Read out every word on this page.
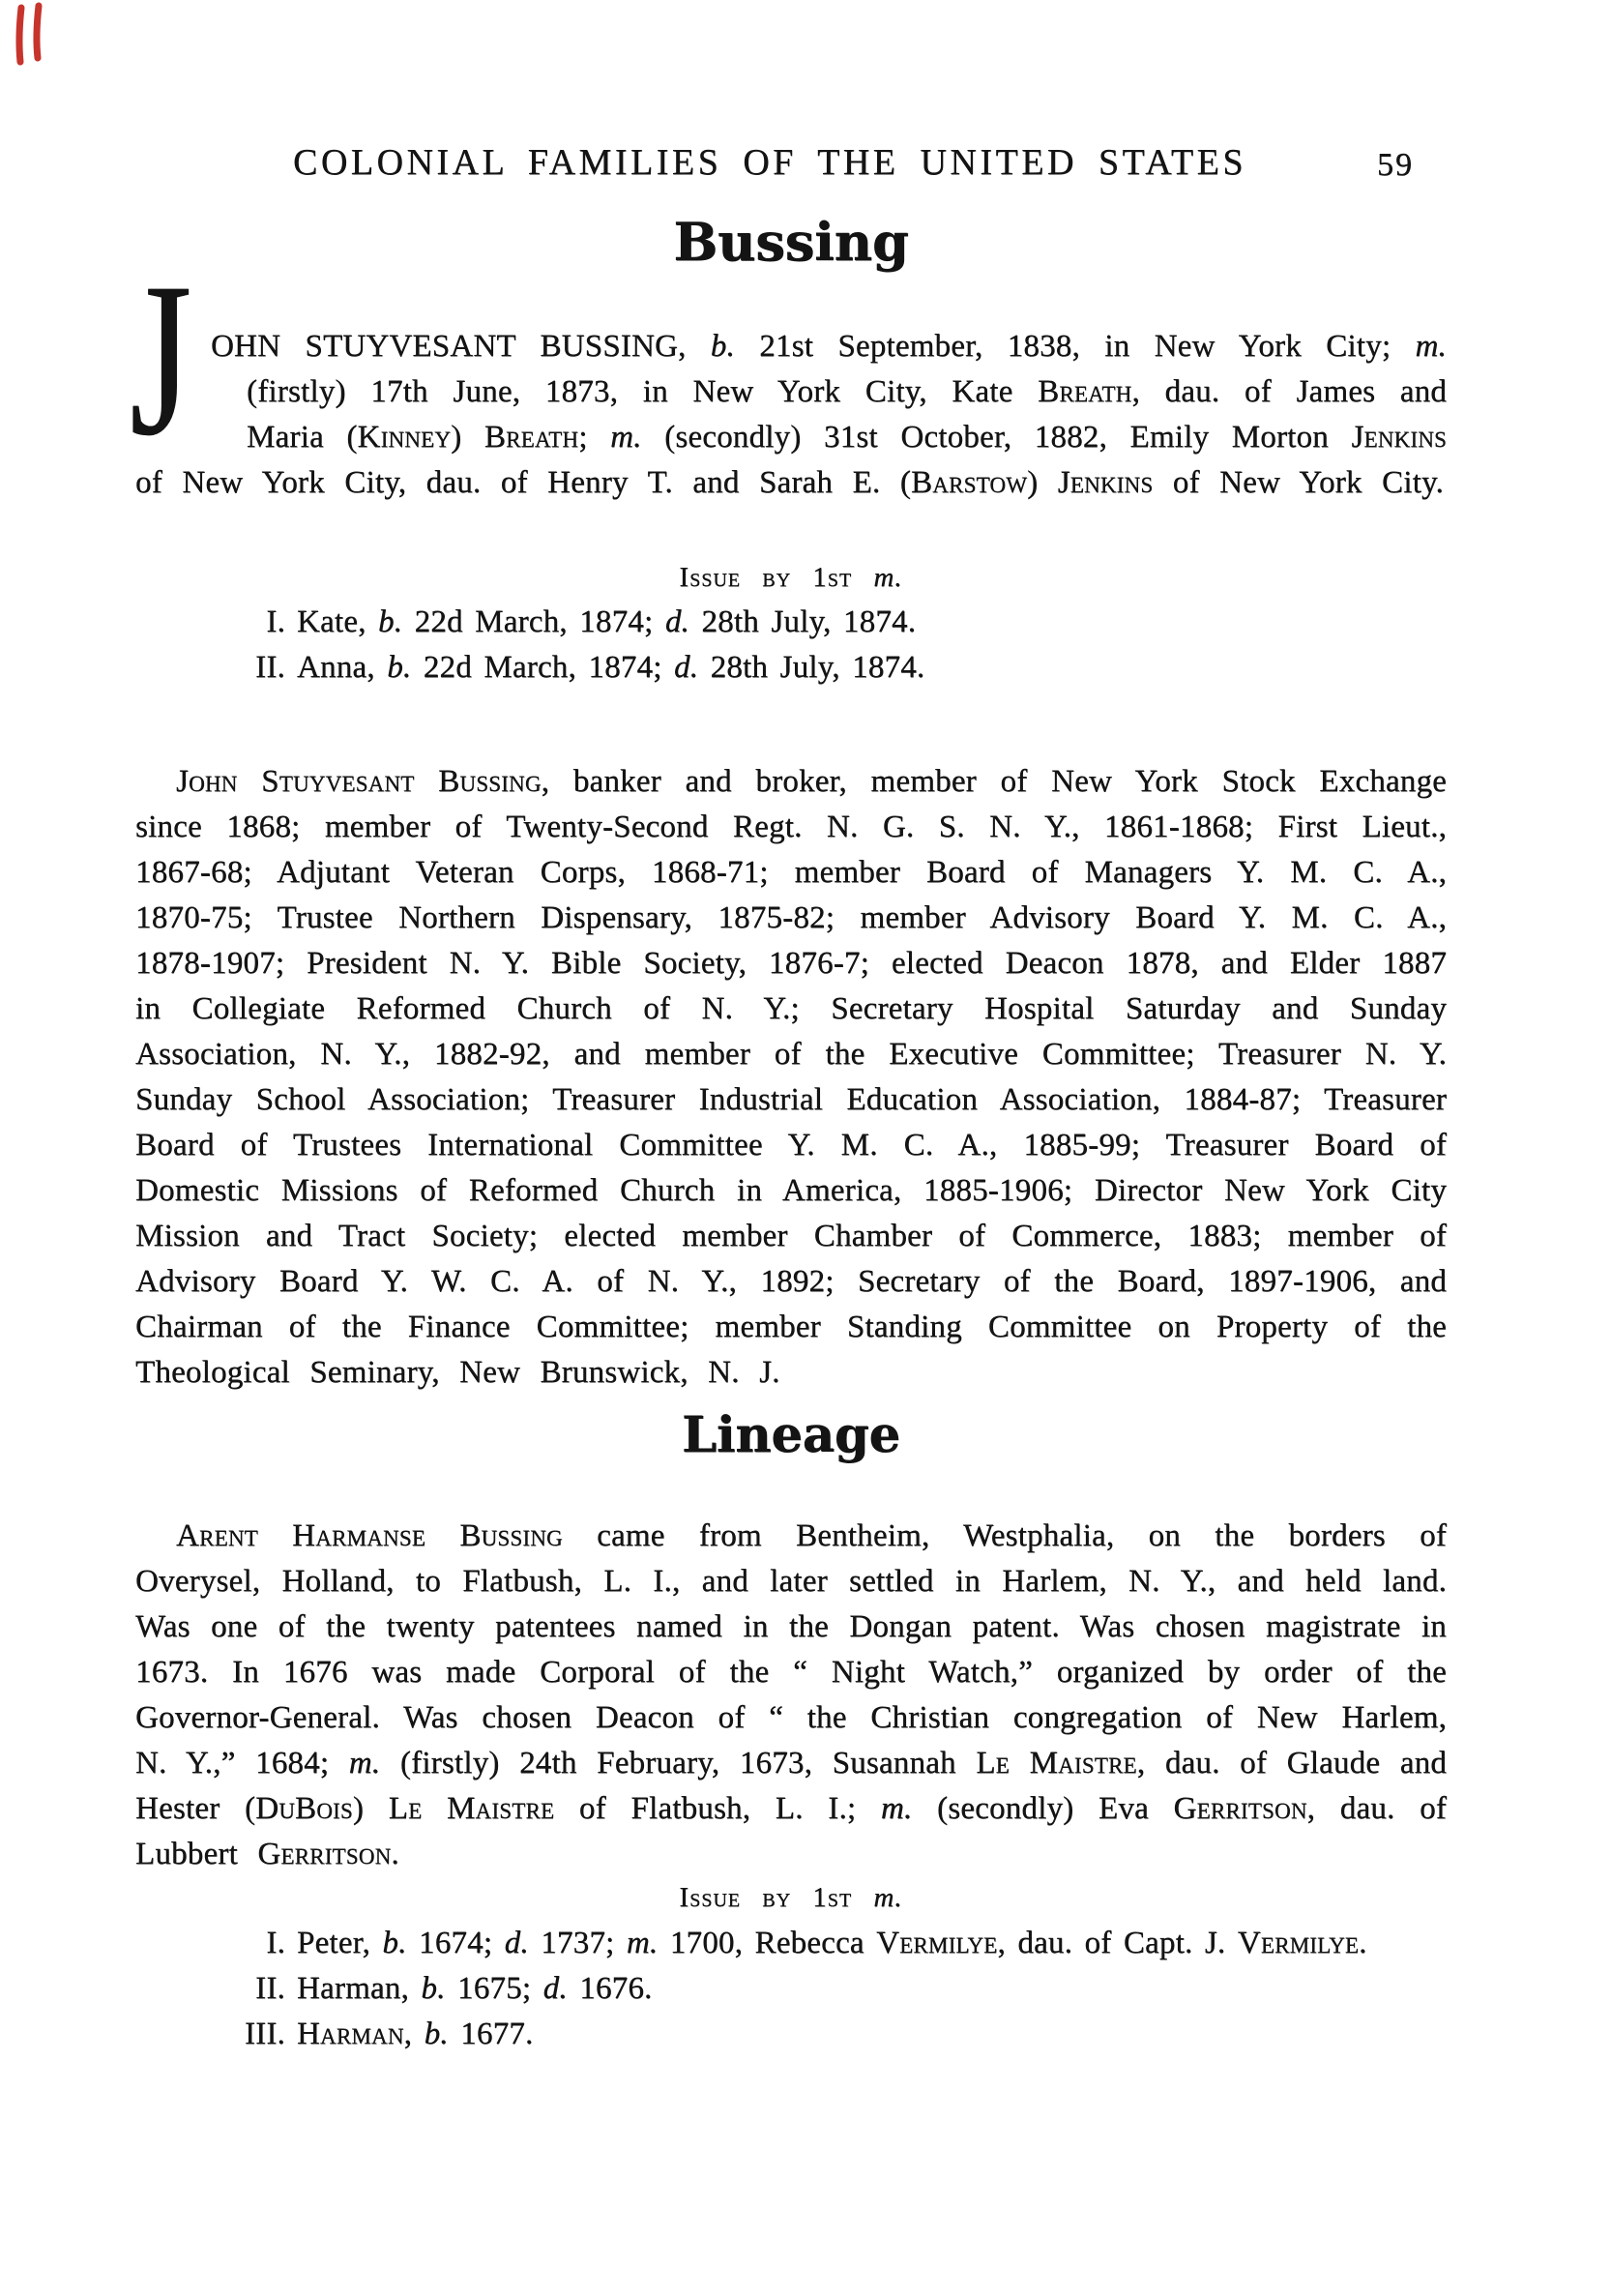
COLONIAL FAMILIES OF THE UNITED STATES	59
Bussing
J OHN STUYVESANT BUSSING, b. 21st September, 1838, in New York City; m. (firstly) 17th June, 1873, in New York City, Kate Breath, dau. of James and Maria (Kinney) Breath; m. (secondly) 31st October, 1882, Emily Morton Jenkins of New York City, dau. of Henry T. and Sarah E. (Barstow) Jenkins of New York City.

Issue by 1st m.
I. Kate, b. 22d March, 1874; d. 28th July, 1874.
II. Anna, b. 22d March, 1874; d. 28th July, 1874.

John Stuyvesant Bussing, banker and broker, member of New York Stock Exchange since 1868; member of Twenty-Second Regt. N. G. S. N. Y., 1861-1868; First Lieut., 1867-68; Adjutant Veteran Corps, 1868-71; member Board of Managers Y. M. C. A., 1870-75; Trustee Northern Dispensary, 1875-82; member Advisory Board Y. M. C. A., 1878-1907; President N. Y. Bible Society, 1876-7; elected Deacon 1878, and Elder 1887 in Collegiate Reformed Church of N. Y.; Secretary Hospital Saturday and Sunday Association, N. Y., 1882-92, and member of the Executive Committee; Treasurer N. Y. Sunday School Association; Treasurer Industrial Education Association, 1884-87; Treasurer Board of Trustees International Committee Y. M. C. A., 1885-99; Treasurer Board of Domestic Missions of Reformed Church in America, 1885-1906; Director New York City Mission and Tract Society; elected member Chamber of Commerce, 1883; member of Advisory Board Y. W. C. A. of N. Y., 1892; Secretary of the Board, 1897-1906, and Chairman of the Finance Committee; member Standing Committee on Property of the Theological Seminary, New Brunswick, N. J.

Lineage

Arent Harmanse Bussing came from Bentheim, Westphalia, on the borders of Overysel, Holland, to Flatbush, L. I., and later settled in Harlem, N. Y., and held land. Was one of the twenty patentees named in the Dongan patent. Was chosen magistrate in 1673. In 1676 was made Corporal of the “ Night Watch,” organized by order of the Governor-General. Was chosen Deacon of “ the Christian congregation of New Harlem, N. Y.,” 1684; m. (firstly) 24th February, 1673, Susannah Le Maistre, dau. of Glaude and Hester (DuBois) Le Maistre of Flatbush, L. I.; m. (secondly) Eva Gerritson, dau. of Lubbert Gerritson.

Issue by 1st m.
I. Peter, b. 1674; d. 1737; m. 1700, Rebecca Vermilye, dau. of Capt. J. Vermilye.
II. Harman, b. 1675; d. 1676.
III. Harman, b. 1677.
